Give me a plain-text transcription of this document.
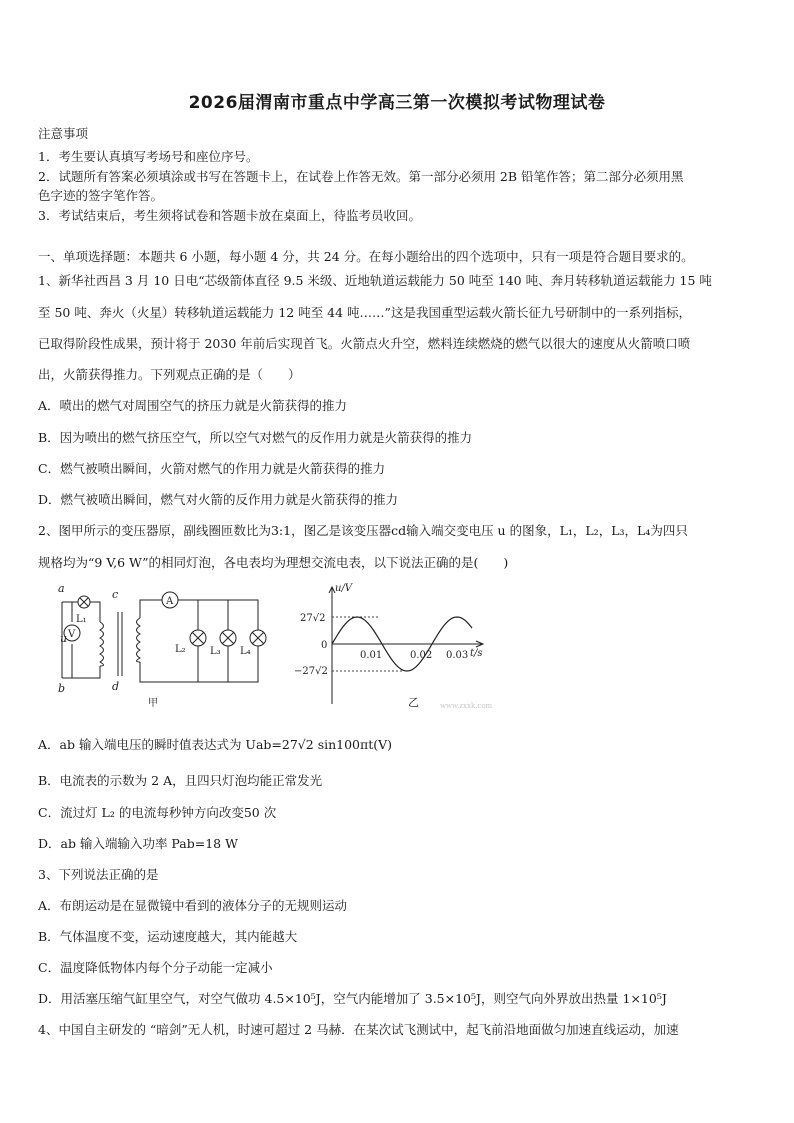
2026届渭南市重点中学高三第一次模拟考试物理试卷
注意事项
1．考生要认真填写考场号和座位序号。
2．试题所有答案必须填涂或书写在答题卡上，在试卷上作答无效。第一部分必须用 2B 铅笔作答；第二部分必须用黑
色字迹的签字笔作答。
3．考试结束后，考生须将试卷和答题卡放在桌面上，待监考员收回。
一、单项选择题：本题共 6 小题，每小题 4 分，共 24 分。在每小题给出的四个选项中，只有一项是符合题目要求的。
1、新华社西昌 3 月 10 日电“芯级箭体直径 9.5 米级、近地轨道运载能力 50 吨至 140 吨、奔月转移轨道运载能力 15 吨
至 50 吨、奔火（火星）转移轨道运载能力 12 吨至 44 吨……”这是我国重型运载火箭长征九号研制中的一系列指标，
已取得阶段性成果，预计将于 2030 年前后实现首飞。火箭点火升空，燃料连续燃烧的燃气以很大的速度从火箭喷口喷
出，火箭获得推力。下列观点正确的是（　　）
A．喷出的燃气对周围空气的挤压力就是火箭获得的推力
B．因为喷出的燃气挤压空气，所以空气对燃气的反作用力就是火箭获得的推力
C．燃气被喷出瞬间，火箭对燃气的作用力就是火箭获得的推力
D．燃气被喷出瞬间，燃气对火箭的反作用力就是火箭获得的推力
2、图甲所示的变压器原，副线圈匝数比为3:1，图乙是该变压器cd输入端交变电压 u 的图象，L₁，L₂，L₃，L₄为四只
规格均为“9 V,6 W”的相同灯泡，各电表均为理想交流电表，以下说法正确的是(　　)
a
b
c
d
u
L₁
V
A
L₂ L₃ L₄
甲
u/V
27√2
0
−27√2
0.01	0.02 0.03 t/s
乙	www.zxxk.com
A．ab 输入端电压的瞬时值表达式为 Uab=27√2 sin100πt(V)
B．电流表的示数为 2 A，且四只灯泡均能正常发光
C．流过灯 L₂ 的电流每秒钟方向改变50 次
D．ab 输入端输入功率 Pab=18 W
3、下列说法正确的是
A．布朗运动是在显微镜中看到的液体分子的无规则运动
B．气体温度不变，运动速度越大，其内能越大
C．温度降低物体内每个分子动能一定减小
D．用活塞压缩气缸里空气，对空气做功 4.5×10⁵J，空气内能增加了 3.5×10⁵J，则空气向外界放出热量 1×10⁵J
4、中国自主研发的 “暗剑”无人机，时速可超过 2 马赫．在某次试飞测试中，起飞前沿地面做匀加速直线运动，加速
